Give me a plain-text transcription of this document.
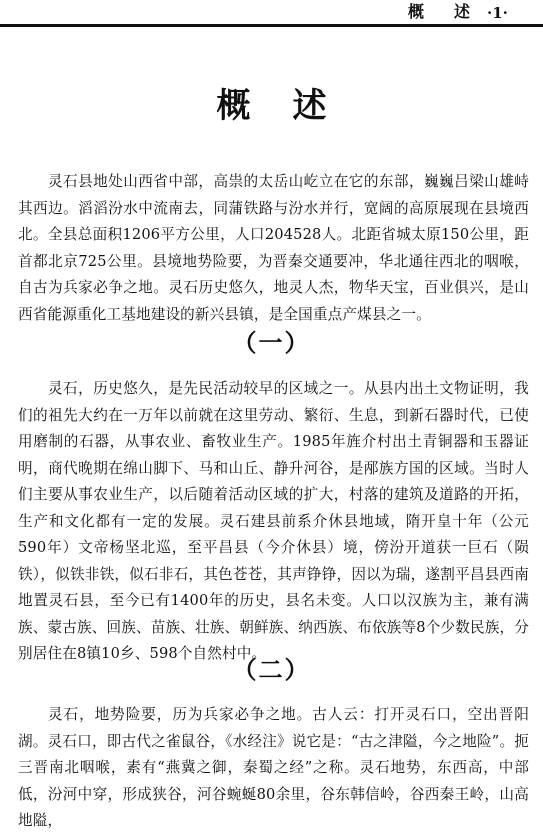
概　述 ·1·
概述

灵石县地处山西省中部，高祟的太岳山屹立在它的东部，巍巍吕梁山雄峙其西边。滔滔汾水中流南去，同蒲铁路与汾水并行，宽阔的高原展现在县境西北。全县总面积1206平方公里，人口204528人。北距省城太原150公里，距首都北京725公里。县境地势险要，为晋秦交通要冲，华北通往西北的咽喉，自古为兵家必争之地。灵石历史悠久，地灵人杰，物华天宝，百业俱兴，是山西省能源重化工基地建设的新兴县镇，是全国重点产煤县之一。

（一）

灵石，历史悠久，是先民活动较早的区域之一。从县内出土文物证明，我们的祖先大约在一万年以前就在这里劳动、繁衍、生息，到新石器时代，已使用磨制的石器，从事农业、畜牧业生产。1985年旌介村出土青铜器和玉器证明，商代晚期在绵山脚下、马和山丘、静升河谷，是邴族方国的区域。当时人们主要从事农业生产，以后随着活动区域的扩大，村落的建筑及道路的开拓，生产和文化都有一定的发展。灵石建县前系介休县地域，隋开皇十年（公元590年）文帝杨坚北巡，至平昌县（今介休县）境，傍汾开道获一巨石（陨铁），似铁非铁，似石非石，其色苍苍，其声铮铮，因以为瑞，遂割平昌县西南地置灵石县，至今已有1400年的历史，县名未变。人口以汉族为主，兼有满族、蒙古族、回族、苗族、壮族、朝鲜族、纳西族、布依族等8个少数民族，分别居住在8镇10乡、598个自然村中。

（二）

灵石，地势险要，历为兵家必争之地。古人云：打开灵石口，空出晋阳湖。灵石口，即古代之雀鼠谷，《水经注》说它是：“古之津隘，今之地险”。扼三晋南北咽喉，素有“燕冀之御，秦蜀之经”之称。灵石地势，东西高，中部低，汾河中穿，形成狭谷，河谷蜿蜒80余里，谷东韩信岭，谷西秦王岭，山高地隘，
